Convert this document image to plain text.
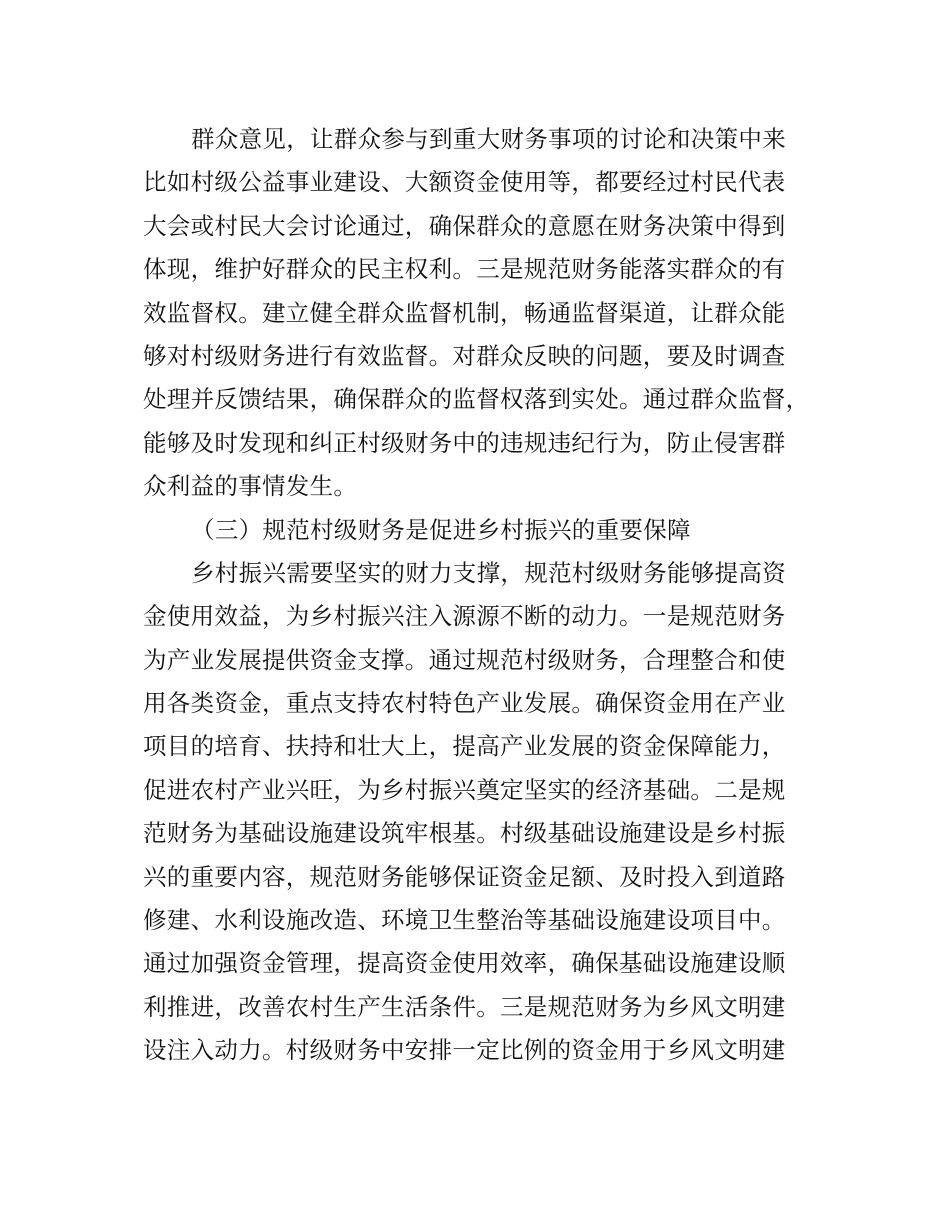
群众意见，让群众参与到重大财务事项的讨论和决策中来
比如村级公益事业建设、大额资金使用等，都要经过村民代表
大会或村民大会讨论通过，确保群众的意愿在财务决策中得到
体现，维护好群众的民主权利。三是规范财务能落实群众的有
效监督权。建立健全群众监督机制，畅通监督渠道，让群众能
够对村级财务进行有效监督。对群众反映的问题，要及时调查
处理并反馈结果，确保群众的监督权落到实处。通过群众监督，
能够及时发现和纠正村级财务中的违规违纪行为，防止侵害群
众利益的事情发生。
（三）规范村级财务是促进乡村振兴的重要保障
乡村振兴需要坚实的财力支撑，规范村级财务能够提高资
金使用效益，为乡村振兴注入源源不断的动力。一是规范财务
为产业发展提供资金支撑。通过规范村级财务，合理整合和使
用各类资金，重点支持农村特色产业发展。确保资金用在产业
项目的培育、扶持和壮大上，提高产业发展的资金保障能力，
促进农村产业兴旺，为乡村振兴奠定坚实的经济基础。二是规
范财务为基础设施建设筑牢根基。村级基础设施建设是乡村振
兴的重要内容，规范财务能够保证资金足额、及时投入到道路
修建、水利设施改造、环境卫生整治等基础设施建设项目中。
通过加强资金管理，提高资金使用效率，确保基础设施建设顺
利推进，改善农村生产生活条件。三是规范财务为乡风文明建
设注入动力。村级财务中安排一定比例的资金用于乡风文明建
